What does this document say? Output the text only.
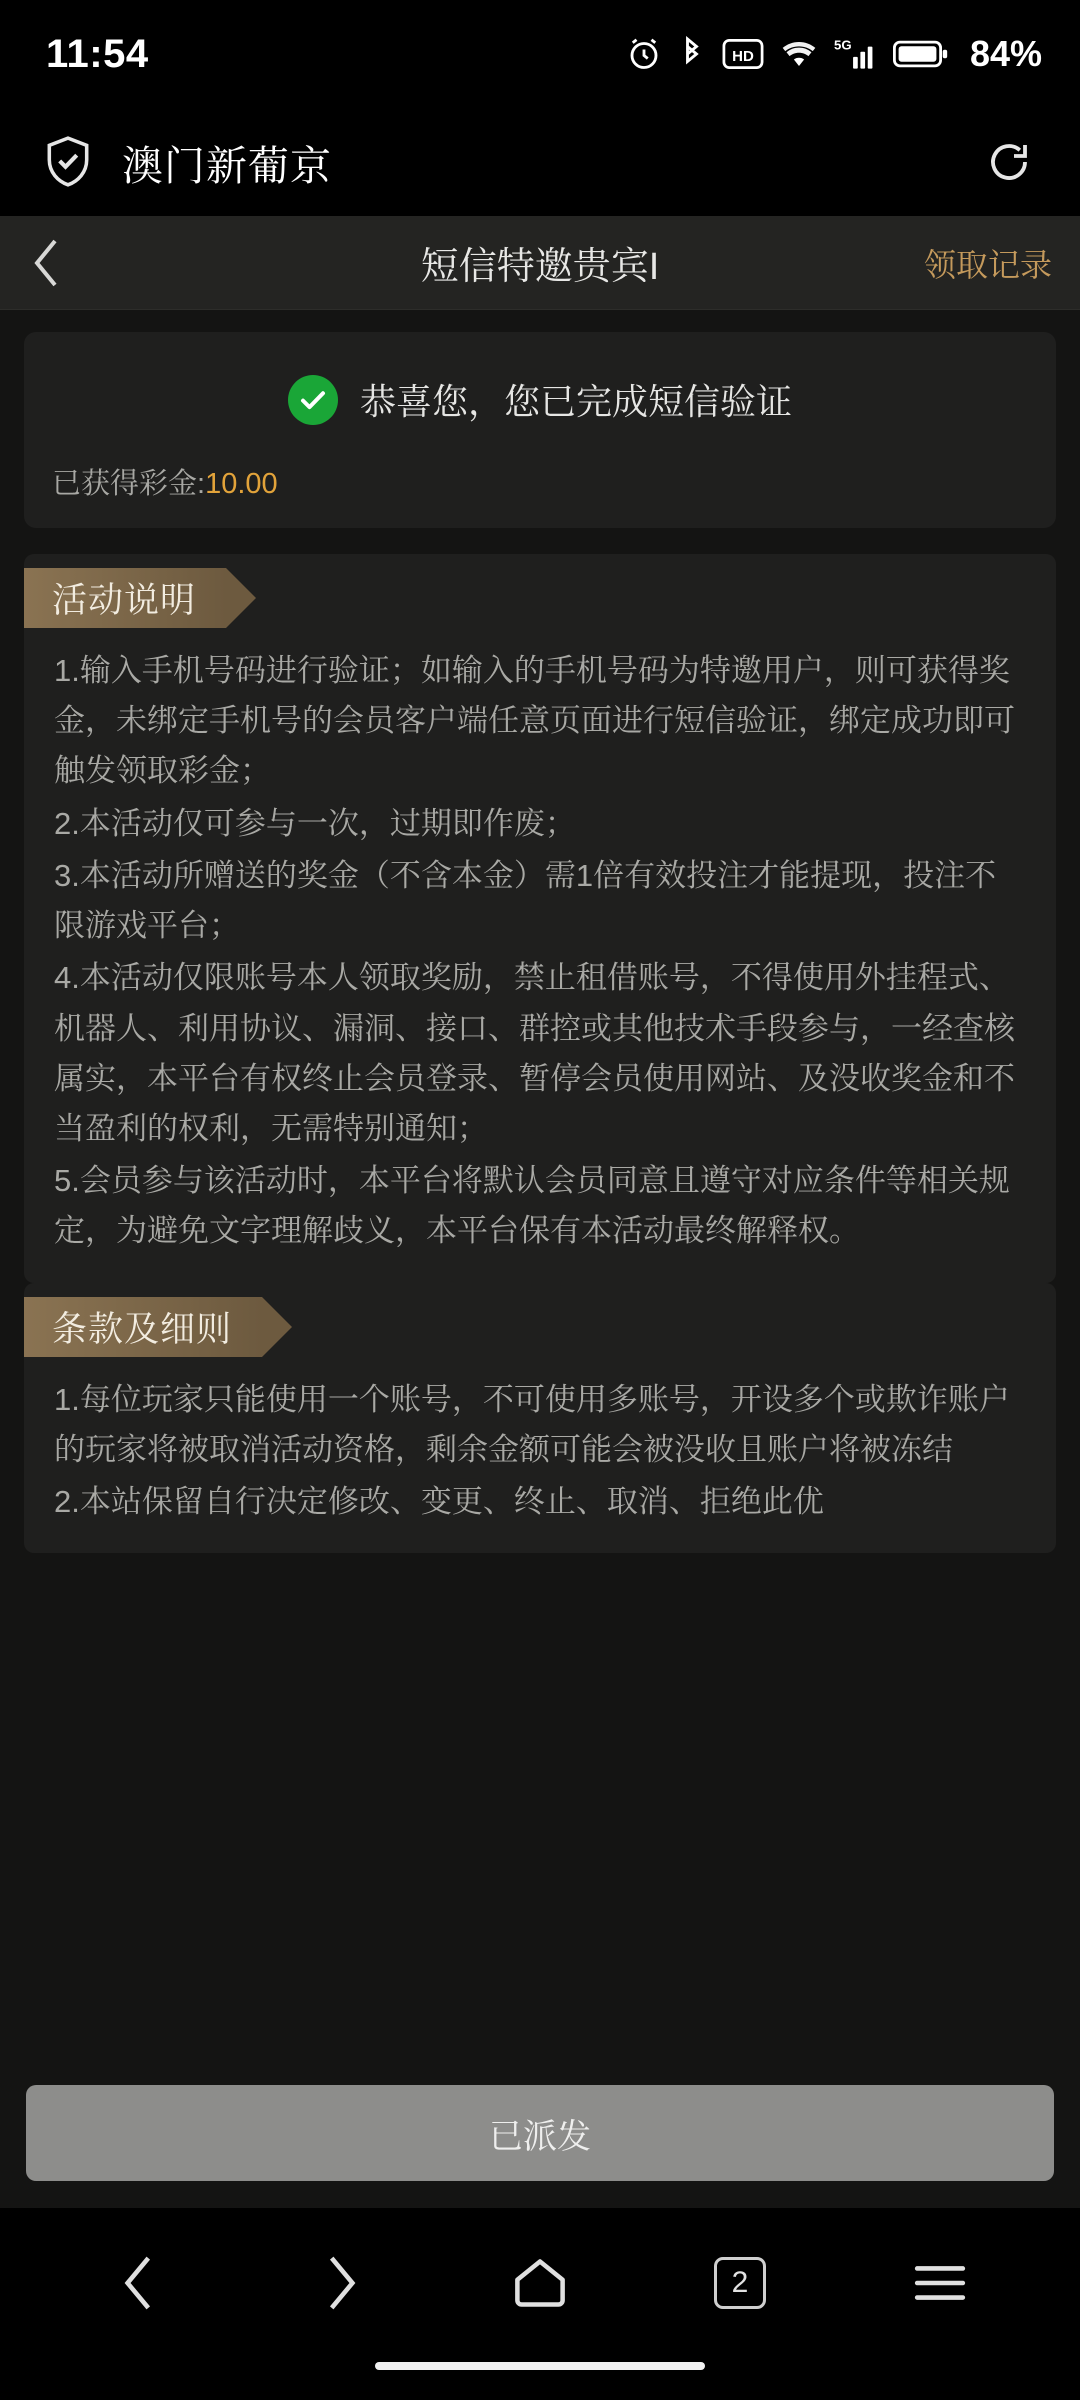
11:54	HD
5G	84%
澳门新葡京
短信特邀贵宾I	领取记录
恭喜您，您已完成短信验证
已获得彩金:10.00
活动说明

1.输入手机号码进行验证；如输入的手机号码为特邀用户，则可获得奖金，未绑定手机号的会员客户端任意页面进行短信验证，绑定成功即可触发领取彩金；

2.本活动仅可参与一次，过期即作废；

3.本活动所赠送的奖金（不含本金）需1倍有效投注才能提现，投注不限游戏平台；

4.本活动仅限账号本人领取奖励，禁止租借账号，不得使用外挂程式、机器人、利用协议、漏洞、接口、群控或其他技术手段参与，一经查核属实，本平台有权终止会员登录、暂停会员使用网站、及没收奖金和不当盈利的权利，无需特别通知；

5.会员参与该活动时，本平台将默认会员同意且遵守对应条件等相关规定，为避免文字理解歧义，本平台保有本活动最终解释权。

条款及细则

1.每位玩家只能使用一个账号，不可使用多账号，开设多个或欺诈账户的玩家将被取消活动资格，剩余金额可能会被没收且账户将被冻结

2.本站保留自行决定修改、变更、终止、取消、拒绝此优

已派发
2
